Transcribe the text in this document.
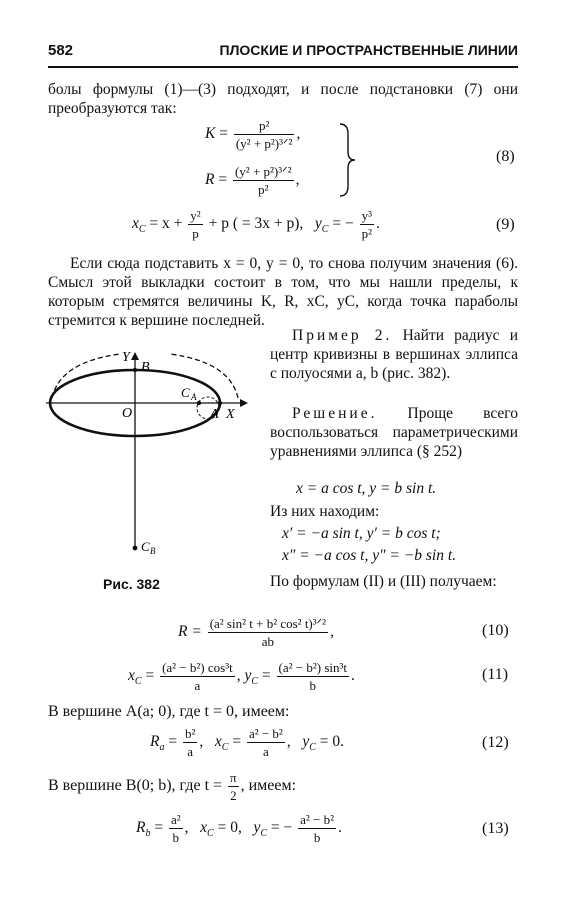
582	ПЛОСКИЕ И ПРОСТРАНСТВЕННЫЕ ЛИНИИ
болы формулы (1)—(3) подходят, и после подстановки (7) они преобразуются так:
$K = \frac{\text{p²}}{\text{(y² + p²)³ᐟ²}}$ ,
$R = \frac{\text{(y² + p²)³ᐟ²}}{\text{p²}}$ ,
(8)
$x_C = x + \frac{\text{y²}}{p} + p$ ( = 3x + p), $y_C$ = − $\frac{\text{y³}}{\text{p²}}$ .	(9)
Если сюда подставить x = 0, y = 0, то снова получим значения (6). Смысл этой выкладки состоит в том, что мы нашли пределы, к которым стремятся величины K, R, xC, yC, когда точка параболы стремится к вершине последней.
Y
B
C A
O	A X
C B
Рис. 382
Пример 2. Найти радиус и центр кривизны в вершинах эллипса с полуосями a, b (рис. 382).
Решение. Проще всего воспользоваться параметрическими уравнениями эллипса (§ 252)
x = a cos t, y = b sin t.
Из них находим:
x′ = −a sin t, y′ = b cos t;
x″ = −a cos t, y″ = −b sin t.
По формулам (II) и (III) получаем:
$R = \frac{\text{(a² sin² t + b² cos² t)³ᐟ²}}{ab}$ ,	(10)
$x_C = \frac{\text{(a² − b²) cos³t}}{a}$ , $y_C = \frac{\text{(a² − b²) sin³t}}{b}$ .	(11)
В вершине A(a; 0), где t = 0, имеем:
$R_a = \frac{\text{b²}}{a}$ , $x_C = \frac{\text{a² − b²}}{a}$ , $y_C = 0$.	(12)
В вершине B(0; b), где $t = \frac{\pi}{2}$ , имеем:
$R_b = \frac{\text{a²}}{b}$ , $x_C = 0$, $y_C$ = − $\frac{\text{a² − b²}}{b}$ .	(13)
